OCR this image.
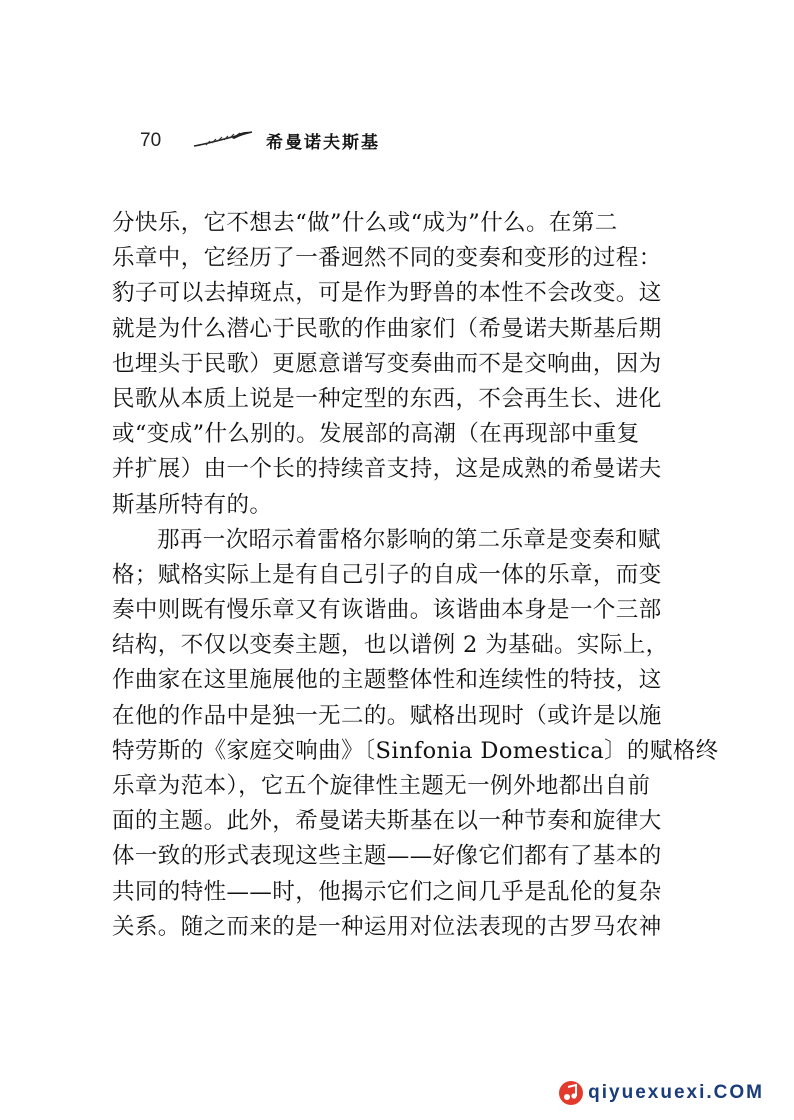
70	希曼诺夫斯基
分快乐，它不想去“做”什么或“成为”什么。在第二
乐章中，它经历了一番迥然不同的变奏和变形的过程：
豹子可以去掉斑点，可是作为野兽的本性不会改变。这
就是为什么潜心于民歌的作曲家们（希曼诺夫斯基后期
也埋头于民歌）更愿意谱写变奏曲而不是交响曲，因为
民歌从本质上说是一种定型的东西，不会再生长、进化
或“变成”什么别的。发展部的高潮（在再现部中重复
并扩展）由一个长的持续音支持，这是成熟的希曼诺夫
斯基所特有的。
那再一次昭示着雷格尔影响的第二乐章是变奏和赋
格；赋格实际上是有自己引子的自成一体的乐章，而变
奏中则既有慢乐章又有诙谐曲。该谐曲本身是一个三部
结构，不仅以变奏主题，也以谱例 2 为基础。实际上，
作曲家在这里施展他的主题整体性和连续性的特技，这
在他的作品中是独一无二的。赋格出现时（或许是以施
特劳斯的《家庭交响曲》〔Sinfonia Domestica〕的赋格终
乐章为范本），它五个旋律性主题无一例外地都出自前
面的主题。此外，希曼诺夫斯基在以一种节奏和旋律大
体一致的形式表现这些主题——好像它们都有了基本的
共同的特性——时，他揭示它们之间几乎是乱伦的复杂
关系。随之而来的是一种运用对位法表现的古罗马农神
qiyuexuexi.COM
